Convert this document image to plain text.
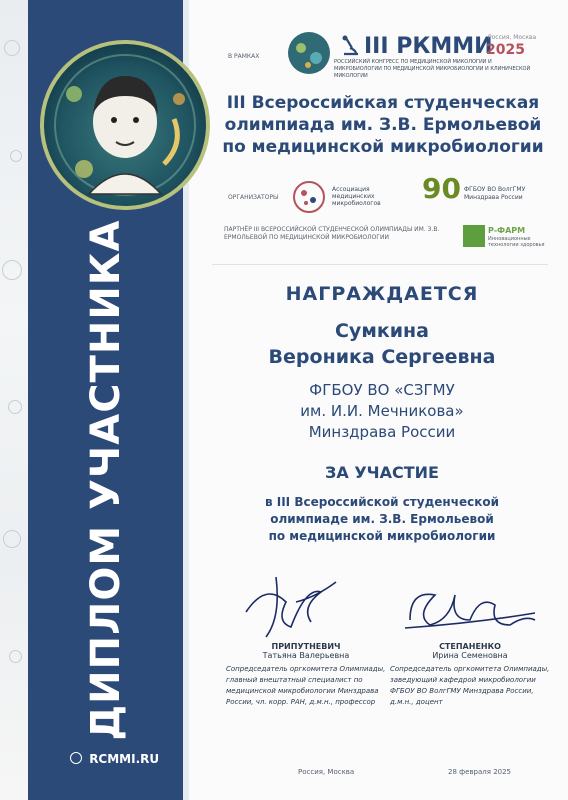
ДИПЛОМ УЧАСТНИКА
RCMMI.RU
В РАМКАХ	III РКММИ
Россия, Москва
2025
РОССИЙСКИЙ КОНГРЕСС ПО МЕДИЦИНСКОЙ МИКОЛОГИИ И МИКРОБИОЛОГИИ ПО МЕДИЦИНСКОЙ МИКРОБИОЛОГИИ И КЛИНИЧЕСКОЙ МИКОЛОГИИ
III Всероссийская студенческая олимпиада им. З.В. Ермольевой по медицинской микробиологии
ОРГАНИЗАТОРЫ
Ассоциация медицинских микробиологов	90 ФГБОУ ВО ВолгГМУ Минздрава России
ПАРТНЁР III ВСЕРОССИЙСКОЙ СТУДЕНЧЕСКОЙ ОЛИМПИАДЫ ИМ. З.В. ЕРМОЛЬЕВОЙ ПО МЕДИЦИНСКОЙ МИКРОБИОЛОГИИ
Р-ФАРМ
Инновационные технологии здоровья
НАГРАЖДАЕТСЯ
Сумкина
Вероника Сергеевна
ФГБОУ ВО «СЗГМУ
им. И.И. Мечникова»
Минздрава России
ЗА УЧАСТИЕ
в III Всероссийской студенческой
олимпиаде им. З.В. Ермольевой
по медицинской микробиологии
ПРИПУТНЕВИЧ
Татьяна Валерьевна
Сопредседатель оргкомитета Олимпиады, главный внештатный специалист по медицинской микробиологии Минздрава России, чл. корр. РАН, д.м.н., профессор
СТЕПАНЕНКО
Ирина Семеновна
Сопредседатель оргкомитета Олимпиады, заведующий кафедрой микробиологии ФГБОУ ВО ВолгГМУ Минздрава России, д.м.н., доцент
Россия, Москва	28 февраля 2025
